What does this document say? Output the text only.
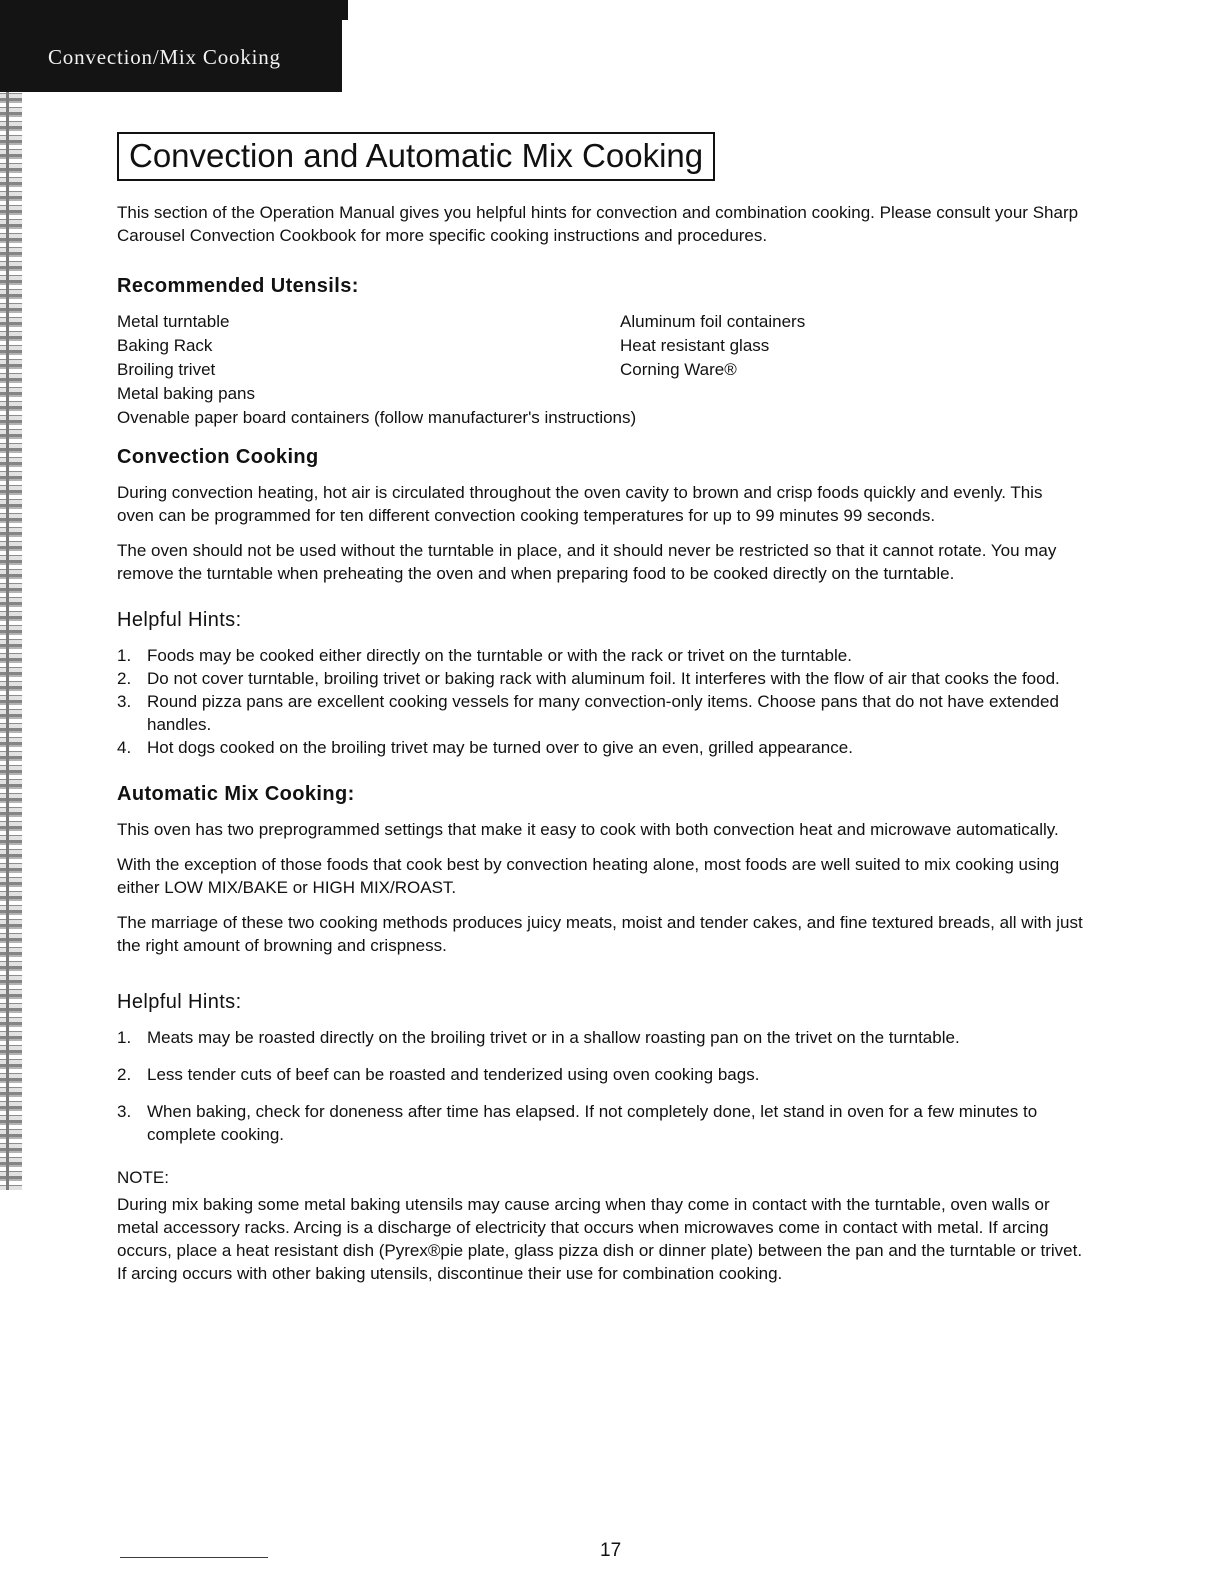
Convection/Mix Cooking
Convection and Automatic Mix Cooking

This section of the Operation Manual gives you helpful hints for convection and combination cooking. Please consult your Sharp Carousel Convection Cookbook for more specific cooking instructions and procedures.

Recommended Utensils:
Metal turntable
Baking Rack
Broiling trivet
Metal baking pans
Aluminum foil containers
Heat resistant glass
Corning Ware®
Ovenable paper board containers (follow manufacturer's instructions)
Convection Cooking

During convection heating, hot air is circulated throughout the oven cavity to brown and crisp foods quickly and evenly. This oven can be programmed for ten different convection cooking temperatures for up to 99 minutes 99 seconds.

The oven should not be used without the turntable in place, and it should never be restricted so that it cannot rotate. You may remove the turntable when preheating the oven and when preparing food to be cooked directly on the turntable.

Helpful Hints:
1. Foods may be cooked either directly on the turntable or with the rack or trivet on the turntable.
2. Do not cover turntable, broiling trivet or baking rack with aluminum foil. It interferes with the flow of air that cooks the food.
3. Round pizza pans are excellent cooking vessels for many convection-only items. Choose pans that do not have extended handles.
4. Hot dogs cooked on the broiling trivet may be turned over to give an even, grilled appearance.
Automatic Mix Cooking:

This oven has two preprogrammed settings that make it easy to cook with both convection heat and microwave automatically.

With the exception of those foods that cook best by convection heating alone, most foods are well suited to mix cooking using either LOW MIX/BAKE or HIGH MIX/ROAST.

The marriage of these two cooking methods produces juicy meats, moist and tender cakes, and fine textured breads, all with just the right amount of browning and crispness.

Helpful Hints:
1. Meats may be roasted directly on the broiling trivet or in a shallow roasting pan on the trivet on the turntable.
2. Less tender cuts of beef can be roasted and tenderized using oven cooking bags.
3. When baking, check for doneness after time has elapsed. If not completely done, let stand in oven for a few minutes to complete cooking.
NOTE:

During mix baking some metal baking utensils may cause arcing when thay come in contact with the turntable, oven walls or metal accessory racks. Arcing is a discharge of electricity that occurs when microwaves come in contact with metal. If arcing occurs, place a heat resistant dish (Pyrex®pie plate, glass pizza dish or dinner plate) between the pan and the turntable or trivet. If arcing occurs with other baking utensils, discontinue their use for combination cooking.

17
